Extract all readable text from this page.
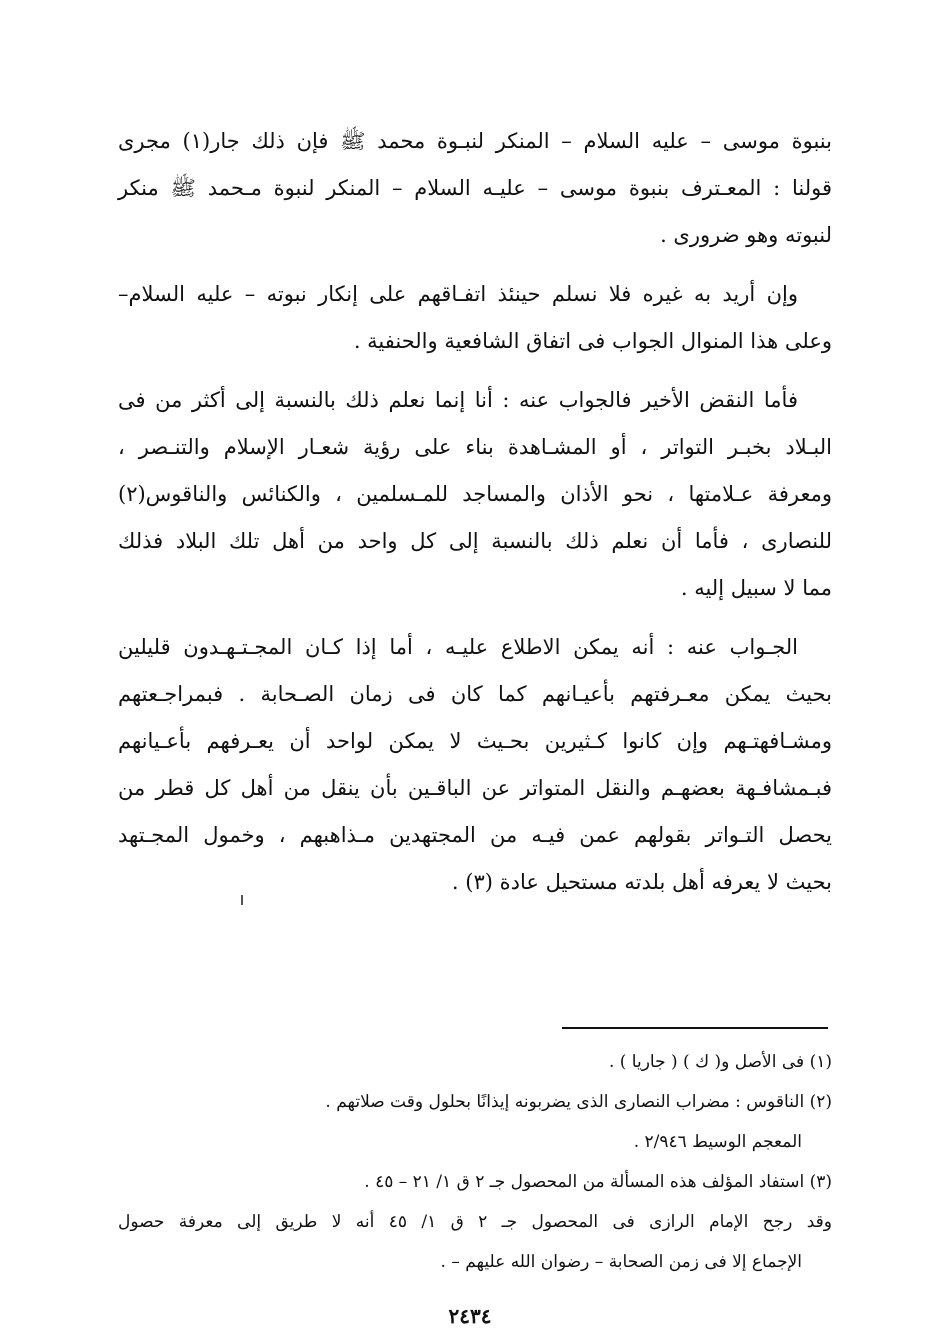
بنبوة موسى – عليه السلام – المنكر لنبـوة محمد ﷺ فإن ذلك جار(١) مجرى
قولنا : المعـترف بنبوة موسى – عليـه السلام – المنكر لنبوة مـحمد ﷺ منكر
لنبوته وهو ضرورى .

وإن أريد به غيره فلا نسلم حينئذ اتفـاقهم على إنكار نبوته – عليه السلام–
وعلى هذا المنوال الجواب فى اتفاق الشافعية والحنفية .

فأما النقض الأخير فالجواب عنه : أنا إنما نعلم ذلك بالنسبة إلى أكثر من فى
البـلاد بخبـر التواتر ، أو المشـاهدة بناء على رؤية شعـار الإسلام والتنـصر ،
ومعرفة عـلامتها ، نحو الأذان والمساجد للمـسلمين ، والكنائس والناقوس(٢)
للنصارى ، فأما أن نعلم ذلك بالنسبة إلى كل واحد من أهل تلك البلاد فذلك
مما لا سبيل إليه .

الجـواب عنه : أنه يمكن الاطلاع عليـه ، أما إذا كـان المجـتـهـدون قليلين
بحيث يمكن معـرفتهم بأعيـانهم كما كان فى زمان الصـحابة . فبمراجـعتهم
ومشـافهتـهم وإن كانوا كـثيرين بحـيث لا يمكن لواحد أن يعـرفهم بأعـيانهم
فبـمشافـهة بعضهـم والنقل المتواتر عن الباقـين بأن ينقل من أهل كل قطر من
يحصل التـواتر بقولهم عمن فيـه من المجتهدين مـذاهبهم ، وخمول المجـتهد
بحيث لا يعرفه أهل بلدته مستحيل عادة (٣) .

(١) فى الأصل و( ك ) ( جاريا ) .
(٢) الناقوس : مضراب النصارى الذى يضربونه إيذانًا بحلول وقت صلاتهم .
المعجم الوسيط ٢/٩٤٦ .
(٣) استفاد المؤلف هذه المسألة من المحصول جـ ٢ ق ١/ ٢١ – ٤٥ .
وقد رجح الإمام الرازى فى المحصول جـ ٢ ق ١/ ٤٥ أنه لا طريق إلى معرفة حصول
الإجماع إلا فى زمن الصحابة – رضوان الله عليهم – .
٢٤٣٤
